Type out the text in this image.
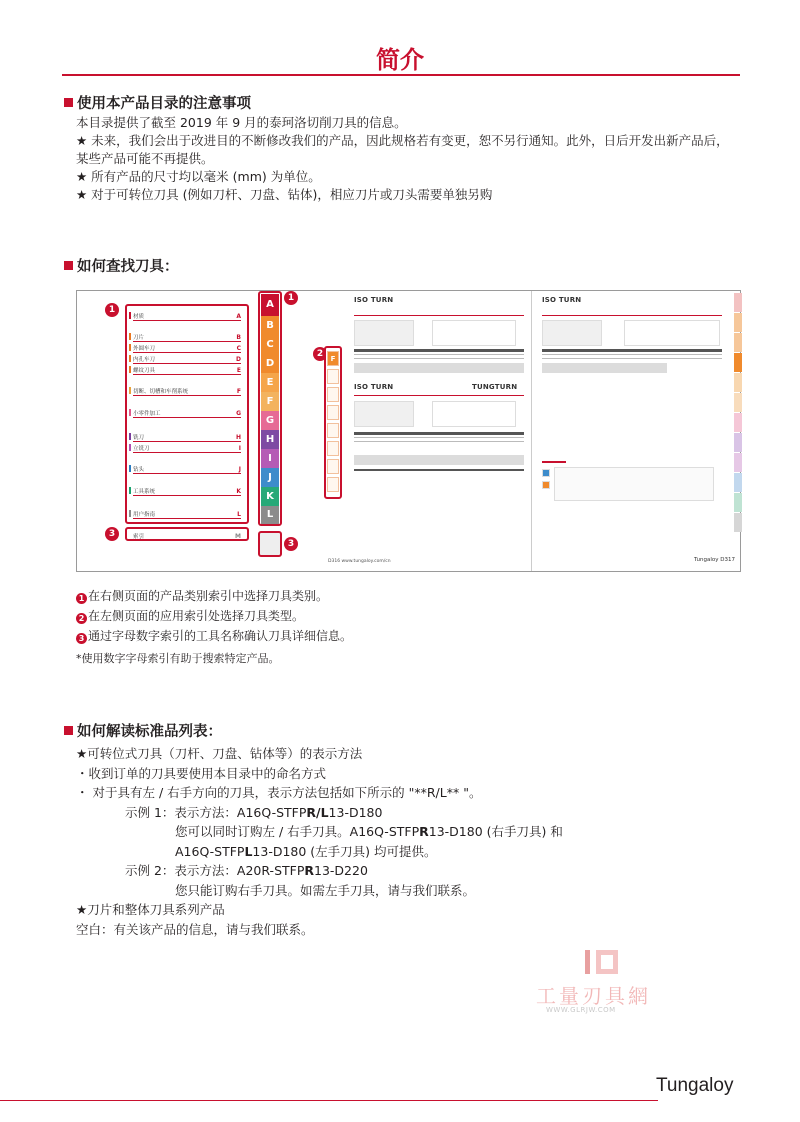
简介
使用本产品目录的注意事项

本目录提供了截至 2019 年 9 月的泰珂洛切削刀具的信息。

★ 未来，我们会出于改进目的不断修改我们的产品，因此规格若有变更，恕不另行通知。此外，日后开发出新产品后，

某些产品可能不再提供。

★ 所有产品的尺寸均以毫米 (mm) 为单位。

★ 对于可转位刀具 (例如刀杆、刀盘、钻体)，相应刀片或刀头需要单独另购

如何查找刀具：
1
3
1
3
材质	A
刀片	B
外圆车刀	C
内孔车刀	D
螺纹刀具	E
切断、切槽和车削系统	F
小零件加工	G
铣刀	H
立铣刀	I
钻头	J
工具系统	K
用户指南	L
索引	M
A
B
C
D
E
F
G
H
I
J
K
L
2	F
ISO TURN
ISO TURN	TUNGTURN
D316 www.tungaloy.com/cn
ISO TURN
Tungaloy D317
1 在右侧页面的产品类别索引中选择刀具类别。
2 在左侧页面的应用索引处选择刀具类型。
3 通过字母数字索引的工具名称确认刀具详细信息。
*使用数字字母索引有助于搜索特定产品。
如何解读标准品列表：

★可转位式刀具（刀杆、刀盘、钻体等）的表示方法

・收到订单的刀具要使用本目录中的命名方式

・ 对于具有左 / 右手方向的刀具，表示方法包括如下所示的 "**R/L** "。

示例 1：表示方法：A16Q-STFPR/L13-D180

您可以同时订购左 / 右手刀具。A16Q-STFPR13-D180 (右手刀具) 和

A16Q-STFPL13-D180 (左手刀具) 均可提供。

示例 2：表示方法：A20R-STFPR13-D220

您只能订购右手刀具。如需左手刀具，请与我们联系。

★刀片和整体刀具系列产品

空白：有关该产品的信息，请与我们联系。

工量刃具網
WWW.GLRJW.COM
Tungaloy
